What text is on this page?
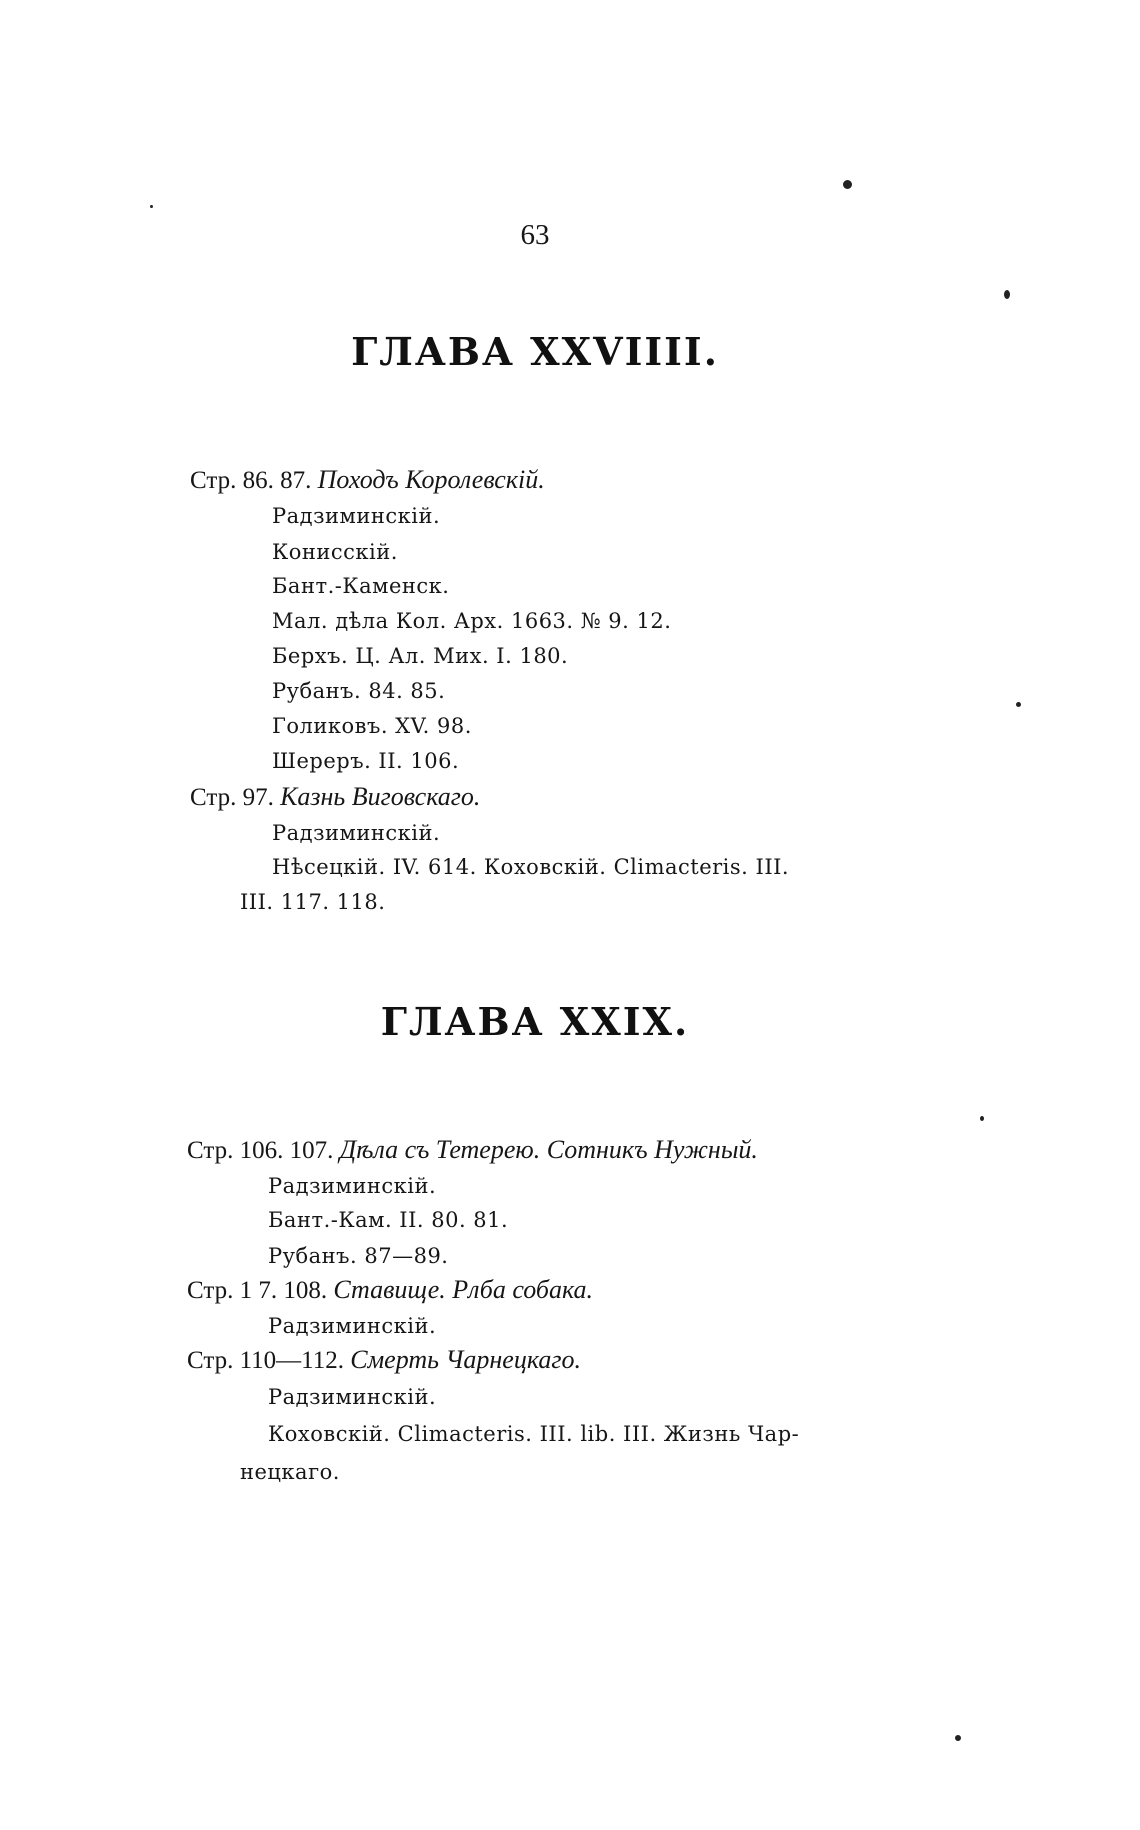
63
ГЛАВА XXVIIII.
ГЛАВА XXIX.
Стр. 86. 87. Походъ Королевскій.
Радзиминскій.
Конисскій.
Бант.-Каменск.
Мал. дѣла Кол. Арх. 1663. № 9. 12.
Берхъ. Ц. Ал. Мих. I. 180.
Рубанъ. 84. 85.
Голиковъ. XV. 98.
Шереръ. II. 106.
Стр. 97. Казнь Виговскаго.
Радзиминскій.
Нѣсецкій. IV. 614. Коховскій. Climacteris. III.
III. 117. 118.
Стр. 106. 107. Дѣла съ Тетерею. Сотникъ Нужный.
Радзиминскій.
Бант.-Кам. II. 80. 81.
Рубанъ. 87—89.
Стр. 1 7. 108. Ставище. Рлба собака.
Радзиминскій.
Стр. 110—112. Смерть Чарнецкаго.
Радзиминскій.
Коховскій. Climacteris. III. lib. III. Жизнь Чар-
нецкаго.
